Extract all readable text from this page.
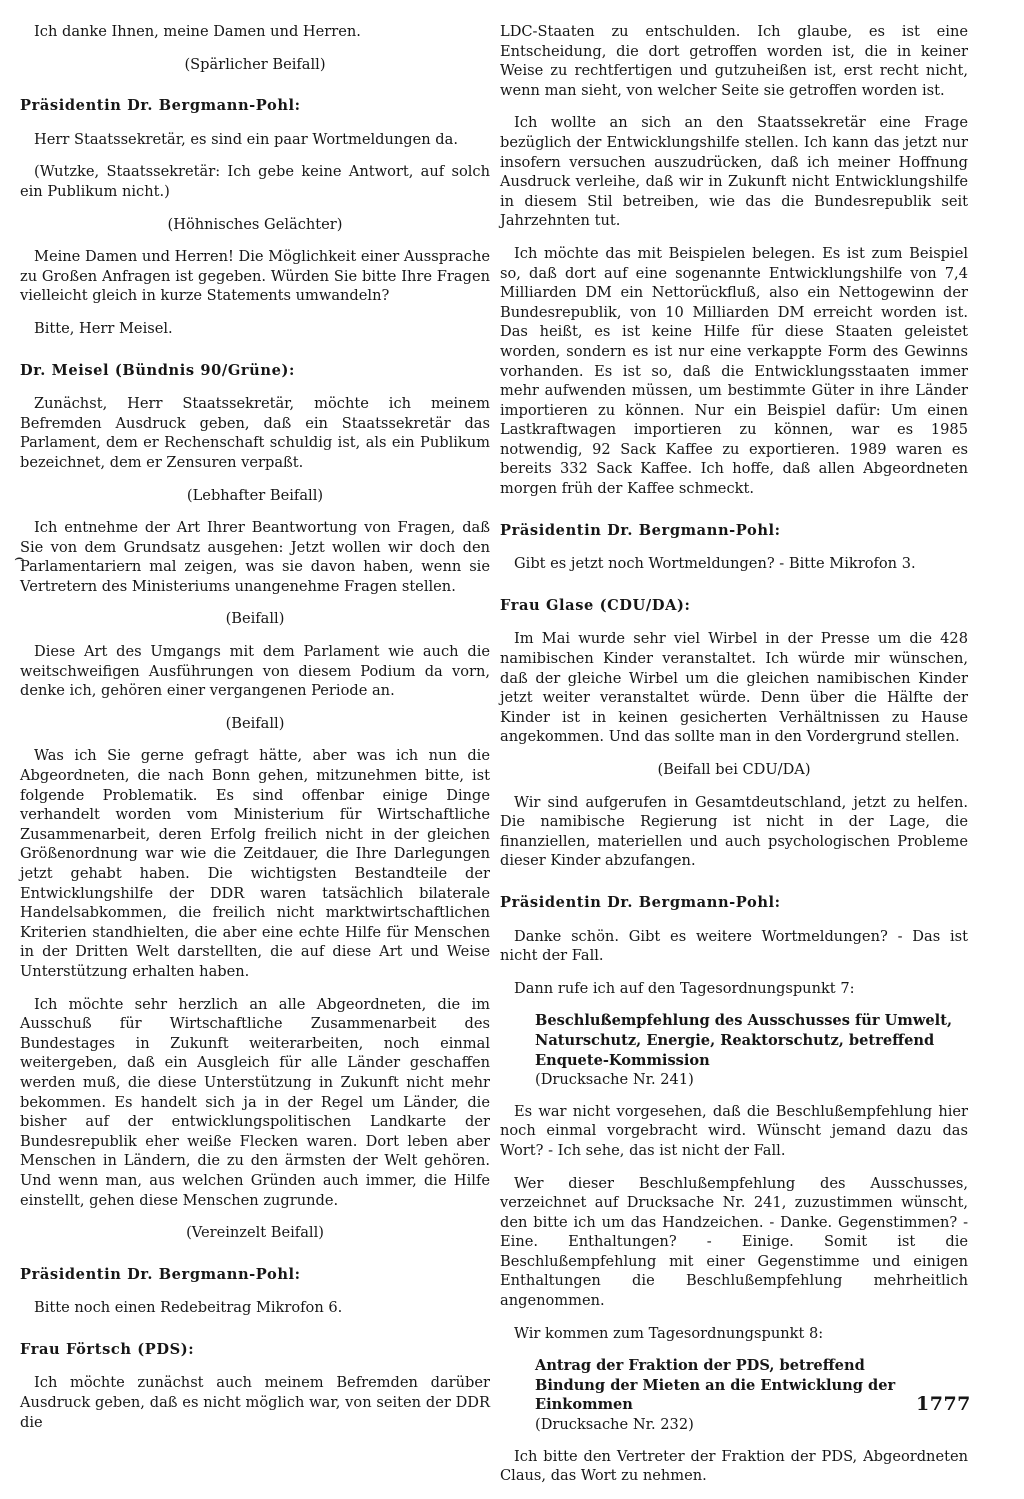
Ich danke Ihnen, meine Damen und Herren.

(Spärlicher Beifall)

Präsidentin Dr. Bergmann-Pohl:

Herr Staatssekretär, es sind ein paar Wortmeldungen da.

(Wutzke, Staatssekretär: Ich gebe keine Antwort, auf solch ein Publikum nicht.)

(Höhnisches Gelächter)

Meine Damen und Herren! Die Möglichkeit einer Aussprache zu Großen Anfragen ist gegeben. Würden Sie bitte Ihre Fragen vielleicht gleich in kurze Statements umwandeln?

Bitte, Herr Meisel.

Dr. Meisel (Bündnis 90/Grüne):

Zunächst, Herr Staatssekretär, möchte ich meinem Befremden Ausdruck geben, daß ein Staatssekretär das Parlament, dem er Rechenschaft schuldig ist, als ein Publikum bezeichnet, dem er Zensuren verpaßt.

(Lebhafter Beifall)

Ich entnehme der Art Ihrer Beantwortung von Fragen, daß Sie von dem Grundsatz ausgehen: Jetzt wollen wir doch den Parlamentariern mal zeigen, was sie davon haben, wenn sie Vertretern des Ministeriums unangenehme Fragen stellen.

(Beifall)

Diese Art des Umgangs mit dem Parlament wie auch die weitschweifigen Ausführungen von diesem Podium da vorn, denke ich, gehören einer vergangenen Periode an.

(Beifall)

Was ich Sie gerne gefragt hätte, aber was ich nun die Abgeordneten, die nach Bonn gehen, mitzunehmen bitte, ist folgende Problematik. Es sind offenbar einige Dinge verhandelt worden vom Ministerium für Wirtschaftliche Zusammenarbeit, deren Erfolg freilich nicht in der gleichen Größenordnung war wie die Zeitdauer, die Ihre Darlegungen jetzt gehabt haben. Die wichtigsten Bestandteile der Entwicklungshilfe der DDR waren tatsächlich bilaterale Handelsabkommen, die freilich nicht marktwirtschaftlichen Kriterien standhielten, die aber eine echte Hilfe für Menschen in der Dritten Welt darstellten, die auf diese Art und Weise Unterstützung erhalten haben.

Ich möchte sehr herzlich an alle Abgeordneten, die im Ausschuß für Wirtschaftliche Zusammenarbeit des Bundestages in Zukunft weiterarbeiten, noch einmal weitergeben, daß ein Ausgleich für alle Länder geschaffen werden muß, die diese Unterstützung in Zukunft nicht mehr bekommen. Es handelt sich ja in der Regel um Länder, die bisher auf der entwicklungspolitischen Landkarte der Bundesrepublik eher weiße Flecken waren. Dort leben aber Menschen in Ländern, die zu den ärmsten der Welt gehören. Und wenn man, aus welchen Gründen auch immer, die Hilfe einstellt, gehen diese Menschen zugrunde.

(Vereinzelt Beifall)

Präsidentin Dr. Bergmann-Pohl:

Bitte noch einen Redebeitrag Mikrofon 6.

Frau Förtsch (PDS):

Ich möchte zunächst auch meinem Befremden darüber Ausdruck geben, daß es nicht möglich war, von seiten der DDR die

LDC-Staaten zu entschulden. Ich glaube, es ist eine Entscheidung, die dort getroffen worden ist, die in keiner Weise zu rechtfertigen und gutzuheißen ist, erst recht nicht, wenn man sieht, von welcher Seite sie getroffen worden ist.

Ich wollte an sich an den Staatssekretär eine Frage bezüglich der Entwicklungshilfe stellen. Ich kann das jetzt nur insofern versuchen auszudrücken, daß ich meiner Hoffnung Ausdruck verleihe, daß wir in Zukunft nicht Entwicklungshilfe in diesem Stil betreiben, wie das die Bundesrepublik seit Jahrzehnten tut.

Ich möchte das mit Beispielen belegen. Es ist zum Beispiel so, daß dort auf eine sogenannte Entwicklungshilfe von 7,4 Milliarden DM ein Nettorückfluß, also ein Nettogewinn der Bundesrepublik, von 10 Milliarden DM erreicht worden ist. Das heißt, es ist keine Hilfe für diese Staaten geleistet worden, sondern es ist nur eine verkappte Form des Gewinns vorhanden. Es ist so, daß die Entwicklungsstaaten immer mehr aufwenden müssen, um bestimmte Güter in ihre Länder importieren zu können. Nur ein Beispiel dafür: Um einen Lastkraftwagen importieren zu können, war es 1985 notwendig, 92 Sack Kaffee zu exportieren. 1989 waren es bereits 332 Sack Kaffee. Ich hoffe, daß allen Abgeordneten morgen früh der Kaffee schmeckt.

Präsidentin Dr. Bergmann-Pohl:

Gibt es jetzt noch Wortmeldungen? - Bitte Mikrofon 3.

Frau Glase (CDU/DA):

Im Mai wurde sehr viel Wirbel in der Presse um die 428 namibischen Kinder veranstaltet. Ich würde mir wünschen, daß der gleiche Wirbel um die gleichen namibischen Kinder jetzt weiter veranstaltet würde. Denn über die Hälfte der Kinder ist in keinen gesicherten Verhältnissen zu Hause angekommen. Und das sollte man in den Vordergrund stellen.

(Beifall bei CDU/DA)

Wir sind aufgerufen in Gesamtdeutschland, jetzt zu helfen. Die namibische Regierung ist nicht in der Lage, die finanziellen, materiellen und auch psychologischen Probleme dieser Kinder abzufangen.

Präsidentin Dr. Bergmann-Pohl:

Danke schön. Gibt es weitere Wortmeldungen? - Das ist nicht der Fall.

Dann rufe ich auf den Tagesordnungspunkt 7:

Beschlußempfehlung des Ausschusses für Umwelt, Naturschutz, Energie, Reaktorschutz, betreffend Enquete-Kommission
(Drucksache Nr. 241)

Es war nicht vorgesehen, daß die Beschlußempfehlung hier noch einmal vorgebracht wird. Wünscht jemand dazu das Wort? - Ich sehe, das ist nicht der Fall.

Wer dieser Beschlußempfehlung des Ausschusses, verzeichnet auf Drucksache Nr. 241, zuzustimmen wünscht, den bitte ich um das Handzeichen. - Danke. Gegenstimmen? - Eine. Enthaltungen? - Einige. Somit ist die Beschlußempfehlung mit einer Gegenstimme und einigen Enthaltungen die Beschlußempfehlung mehrheitlich angenommen.

Wir kommen zum Tagesordnungspunkt 8:

Antrag der Fraktion der PDS, betreffend
Bindung der Mieten an die Entwicklung der Einkommen
(Drucksache Nr. 232)

Ich bitte den Vertreter der Fraktion der PDS, Abgeordneten Claus, das Wort zu nehmen.

⌢
1777
